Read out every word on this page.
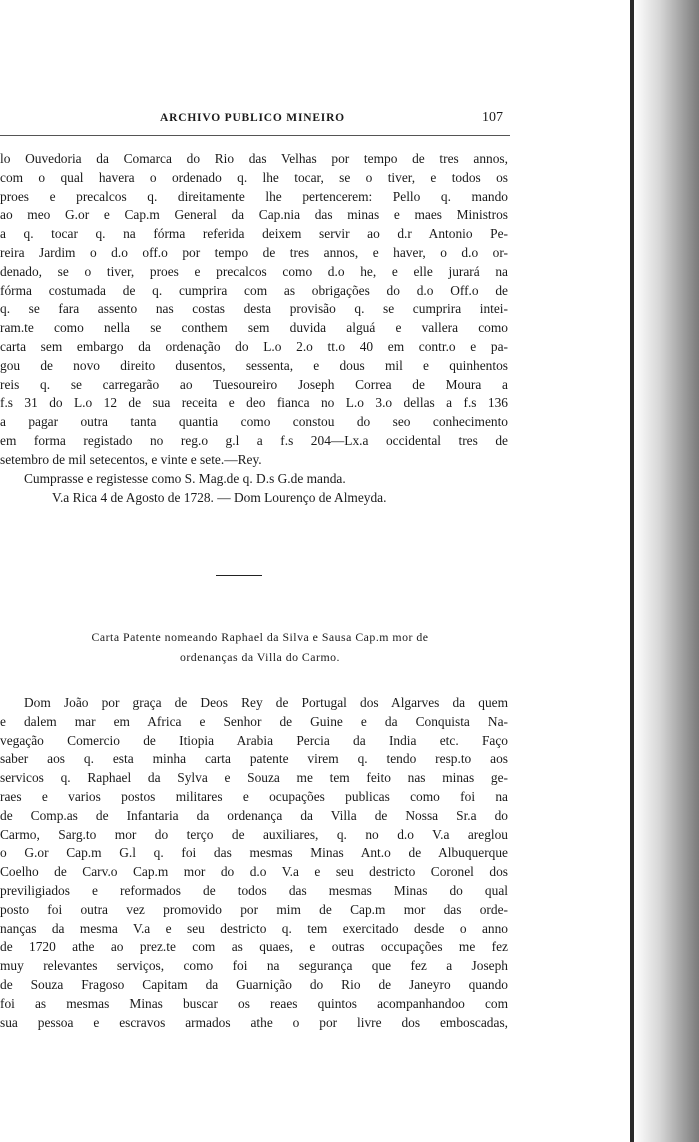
ARCHIVO PUBLICO MINEIRO	107
lo Ouvedoria da Comarca do Rio das Velhas por tempo de tres annos,
com o qual havera o ordenado q. lhe tocar, se o tiver, e todos os
proes e precalcos q. direitamente lhe pertencerem: Pello q. mando
ao meo G.or e Cap.m General da Cap.nia das minas e maes Ministros
a q. tocar q. na fórma referida deixem servir ao d.r Antonio Pe-
reira Jardim o d.o off.o por tempo de tres annos, e haver, o d.o or-
denado, se o tiver, proes e precalcos como d.o he, e elle jurará na
fórma costumada de q. cumprira com as obrigações do d.o Off.o de
q. se fara assento nas costas desta provisão q. se cumprira intei-
ram.te como nella se conthem sem duvida alguá e vallera como
carta sem embargo da ordenação do L.o 2.o tt.o 40 em contr.o e pa-
gou de novo direito dusentos, sessenta, e dous mil e quinhentos
reis q. se carregarão ao Tuesoureiro Joseph Correa de Moura a
f.s 31 do L.o 12 de sua receita e deo fianca no L.o 3.o dellas a f.s 136
a pagar outra tanta quantia como constou do seo conhecimento
em forma registado no reg.o g.l a f.s 204—Lx.a occidental tres de
setembro de mil setecentos, e vinte e sete.—Rey.
Cumprasse e registesse como S. Mag.de q. D.s G.de manda.
V.a Rica 4 de Agosto de 1728. — Dom Lourenço de Almeyda.
Carta Patente nomeando Raphael da Silva e Sausa Cap.m mor de
ordenanças da Villa do Carmo.
Dom João por graça de Deos Rey de Portugal dos Algarves da quem
e dalem mar em Africa e Senhor de Guine e da Conquista Na-
vegação Comercio de Itiopia Arabia Percia da India etc. Faço
saber aos q. esta minha carta patente virem q. tendo resp.to aos
servicos q. Raphael da Sylva e Souza me tem feito nas minas ge-
raes e varios postos militares e ocupações publicas como foi na
de Comp.as de Infantaria da ordenança da Villa de Nossa Sr.a do
Carmo, Sarg.to mor do terço de auxiliares, q. no d.o V.a areglou
o G.or Cap.m G.l q. foi das mesmas Minas Ant.o de Albuquerque
Coelho de Carv.o Cap.m mor do d.o V.a e seu destricto Coronel dos
previligiados e reformados de todos das mesmas Minas do qual
posto foi outra vez promovido por mim de Cap.m mor das orde-
nanças da mesma V.a e seu destricto q. tem exercitado desde o anno
de 1720 athe ao prez.te com as quaes, e outras occupações me fez
muy relevantes serviços, como foi na segurança que fez a Joseph
de Souza Fragoso Capitam da Guarnição do Rio de Janeyro quando
foi as mesmas Minas buscar os reaes quintos acompanhandoo com
sua pessoa e escravos armados athe o por livre dos emboscadas,
